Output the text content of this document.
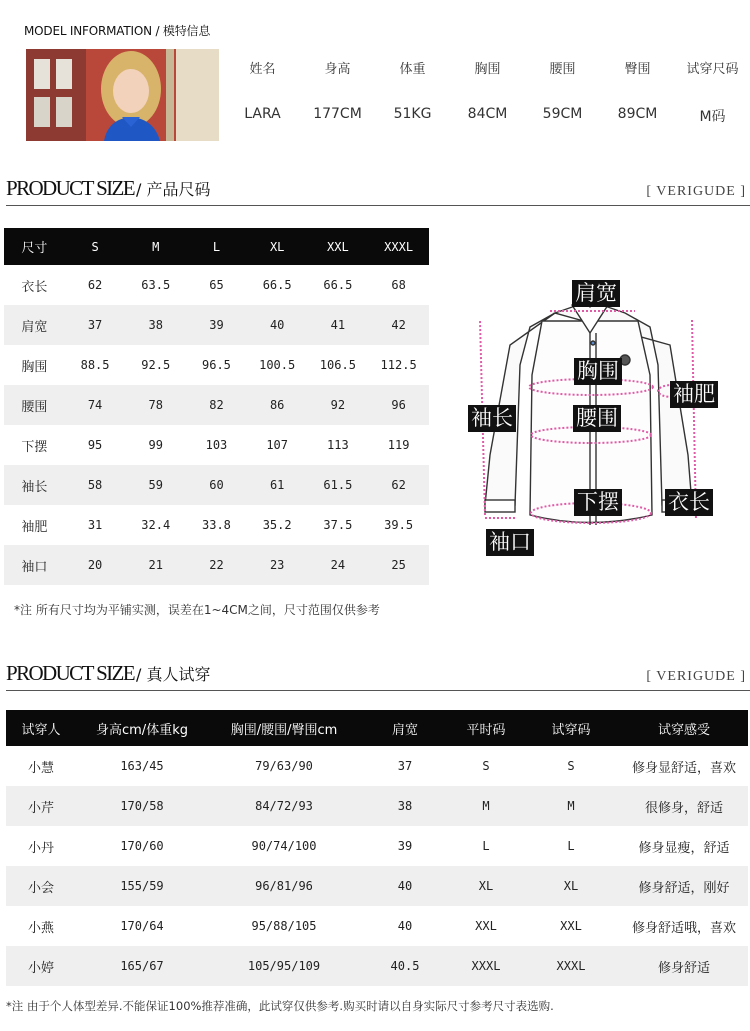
MODEL INFORMATION / 模特信息
姓名	身高	体重	胸围	腰围	臀围	试穿尺码
LARA	177CM	51KG	84CM	59CM	89CM	M码
PRODUCT SIZE / 产品尺码	[ VERIGUDE ]
尺寸	S	M	L	XL	XXL	XXXL
衣长	62	63.5	65	66.5	66.5	68
肩宽	37	38	39	40	41	42
胸围	88.5	92.5	96.5	100.5	106.5	112.5
腰围	74	78	82	86	92	96
下摆	95	99	103	107	113	119
袖长	58	59	60	61	61.5	62
袖肥	31	32.4	33.8	35.2	37.5	39.5
袖口	20	21	22	23	24	25
*注 所有尺寸均为平铺实测，误差在1~4CM之间，尺寸范围仅供参考
肩宽
胸围
袖肥
袖长	腰围
下摆 衣长
袖口
PRODUCT SIZE / 真人试穿	[ VERIGUDE ]
试穿人	身高cm/体重kg	胸围/腰围/臀围cm	肩宽	平时码	试穿码	试穿感受
小慧	163/45	79/63/90	37	S	S	修身显舒适，喜欢
小芹	170/58	84/72/93	38	M	M	很修身，舒适
小丹	170/60	90/74/100	39	L	L	修身显瘦，舒适
小会	155/59	96/81/96	40	XL	XL	修身舒适，刚好
小燕	170/64	95/88/105	40	XXL	XXL	修身舒适哦，喜欢
小婷	165/67	105/95/109	40.5	XXXL	XXXL	修身舒适
*注 由于个人体型差异.不能保证100%推荐准确，此试穿仅供参考.购买时请以自身实际尺寸参考尺寸表选购.
